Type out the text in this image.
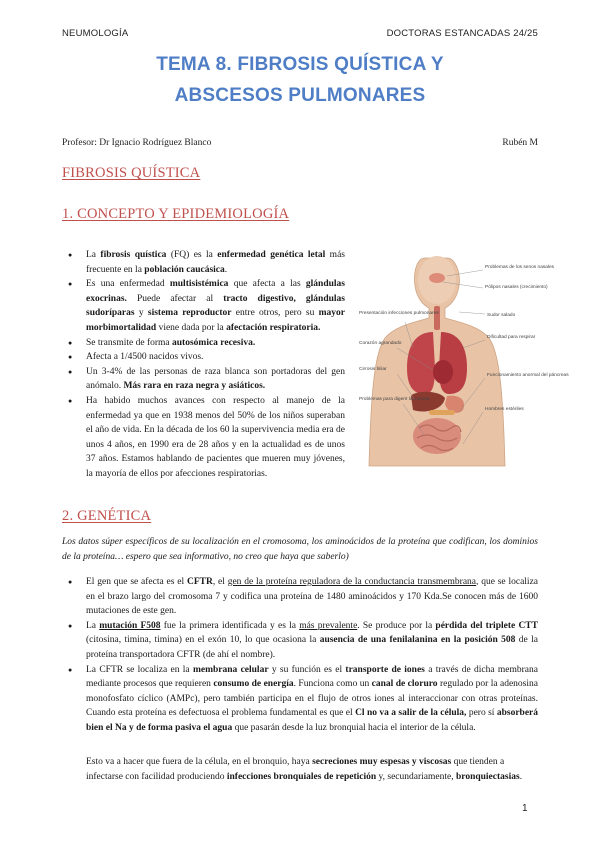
NEUMOLOGÍA	DOCTORAS ESTANCADAS 24/25
TEMA 8. FIBROSIS QUÍSTICA Y
ABSCESOS PULMONARES
Profesor: Dr Ignacio Rodríguez Blanco	Rubén M
FIBROSIS QUÍSTICA
1. CONCEPTO Y EPIDEMIOLOGÍA
● La fibrosis quística (FQ) es la enfermedad genética letal más frecuente en la población caucásica.
● Es una enfermedad multisistémica que afecta a las glándulas exocrinas. Puede afectar al tracto digestivo, glándulas sudoríparas y sistema reproductor entre otros, pero su mayor morbimortalidad viene dada por la afectación respiratoria.
● Se transmite de forma autosómica recesiva.
● Afecta a 1/4500 nacidos vivos.
● Un 3-4% de las personas de raza blanca son portadoras del gen anómalo. Más rara en raza negra y asiáticos.
● Ha habido muchos avances con respecto al manejo de la enfermedad ya que en 1938 menos del 50% de los niños superaban el año de vida. En la década de los 60 la supervivencia media era de unos 4 años, en 1990 era de 28 años y en la actualidad es de unos 37 años. Estamos hablando de pacientes que mueren muy jóvenes, la mayoría de ellos por afecciones respiratorias.
Problemas de los senos nasales
Pólipos nasales (crecimiento)
Sudor salado
Dificultad para respirar
Presentación infecciones pulmonares
Corazón agrandado
Cirrosis biliar
Funcionamiento anormal del páncreas
Problemas para digerir la comida
Hombres estériles
2. GENÉTICA
Los datos súper específicos de su localización en el cromosoma, los aminoácidos de la proteína que codifican, los dominios de la proteína… espero que sea informativo, no creo que haya que saberlo)
● El gen que se afecta es el CFTR, el gen de la proteína reguladora de la conductancia transmembrana, que se localiza en el brazo largo del cromosoma 7 y codifica una proteína de 1480 aminoácidos y 170 Kda.Se conocen más de 1600 mutaciones de este gen.
● La mutación F508 fue la primera identificada y es la más prevalente. Se produce por la pérdida del triplete CTT (citosina, timina, timina) en el exón 10, lo que ocasiona la ausencia de una fenilalanina en la posición 508 de la proteína transportadora CFTR (de ahí el nombre).
● La CFTR se localiza en la membrana celular y su función es el transporte de iones a través de dicha membrana mediante procesos que requieren consumo de energía. Funciona como un canal de cloruro regulado por la adenosina monofosfato cíclico (AMPc), pero también participa en el flujo de otros iones al interaccionar con otras proteínas. Cuando esta proteína es defectuosa el problema fundamental es que el Cl no va a salir de la célula, pero sí absorberá bien el Na y de forma pasiva el agua que pasarán desde la luz bronquial hacia el interior de la célula.
Esto va a hacer que fuera de la célula, en el bronquio, haya secreciones muy espesas y viscosas que tienden a infectarse con facilidad produciendo infecciones bronquiales de repetición y, secundariamente, bronquiectasias.
1
